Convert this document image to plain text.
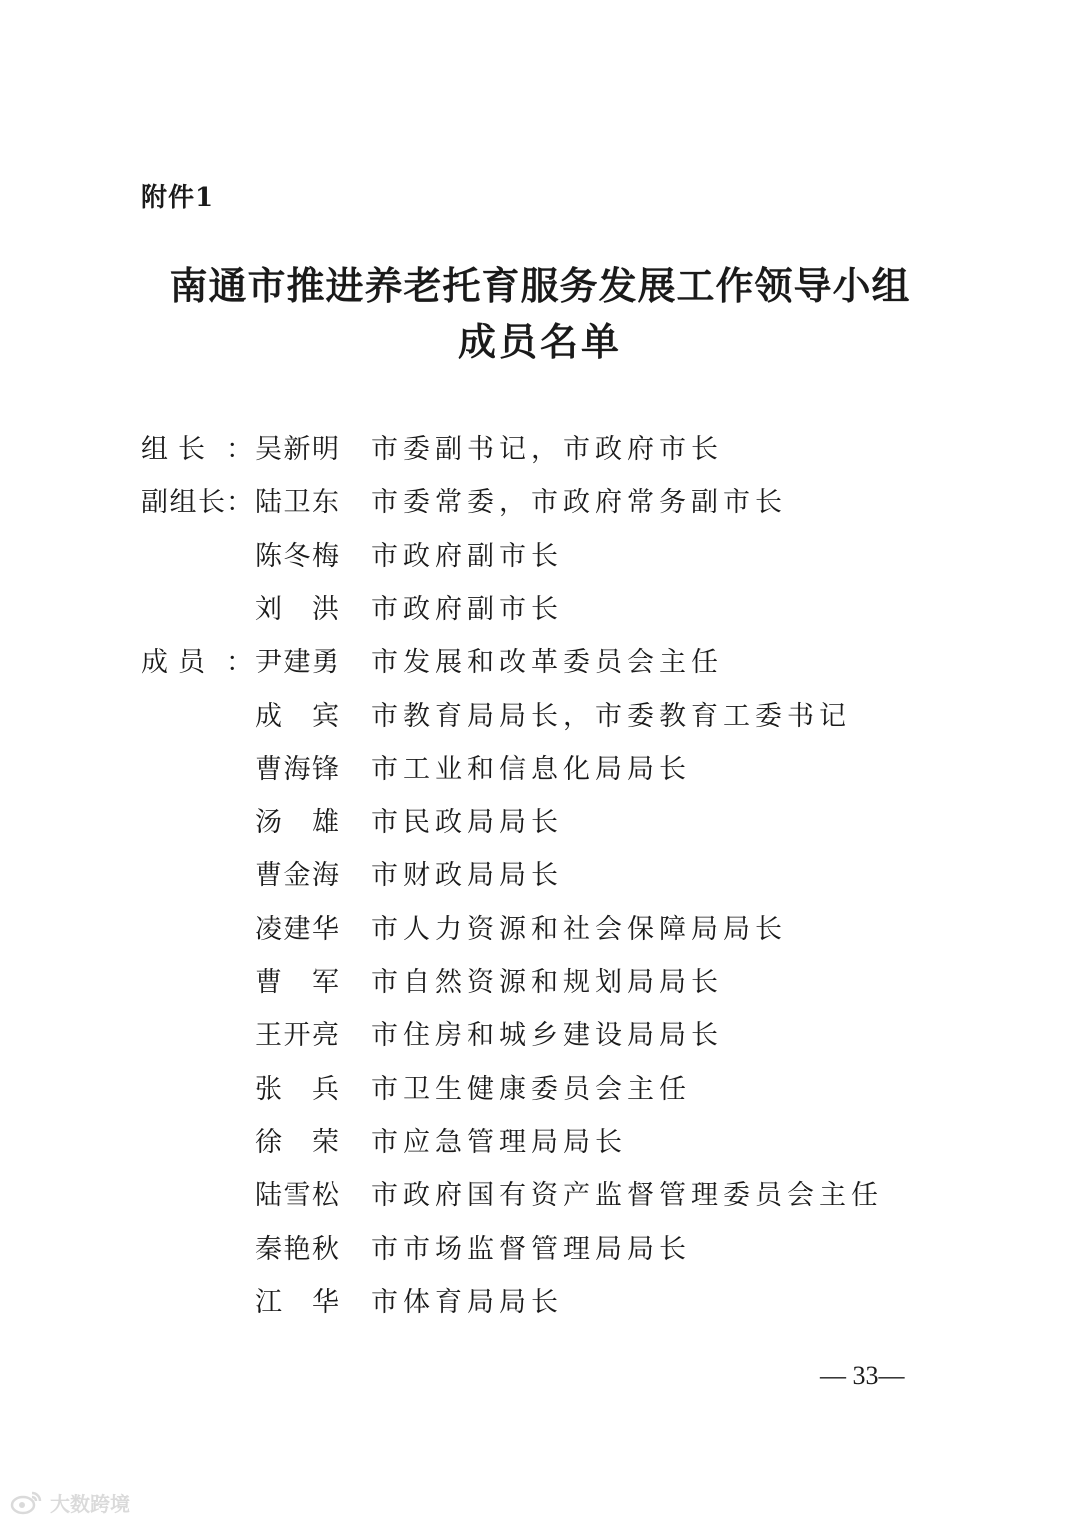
附件1
南通市推进养老托育服务发展工作领导小组
成员名单
组 长 ： 吴 新 明 市委副书记，市政府市长
副 组 长 ： 陆 卫 东 市委常委，市政府常务副市长
陈 冬 梅 市政府副市长
刘 洪 市政府副市长
成 员 ： 尹 建 勇 市发展和改革委员会主任
成 宾 市教育局局长，市委教育工委书记
曹 海 锋 市工业和信息化局局长
汤 雄 市民政局局长
曹 金 海 市财政局局长
凌 建 华 市人力资源和社会保障局局长
曹 军 市自然资源和规划局局长
王 开 亮 市住房和城乡建设局局长
张 兵 市卫生健康委员会主任
徐 荣 市应急管理局局长
陆 雪 松 市政府国有资产监督管理委员会主任
秦 艳 秋 市市场监督管理局局长
江 华 市体育局局长
— 33—
大数跨境
